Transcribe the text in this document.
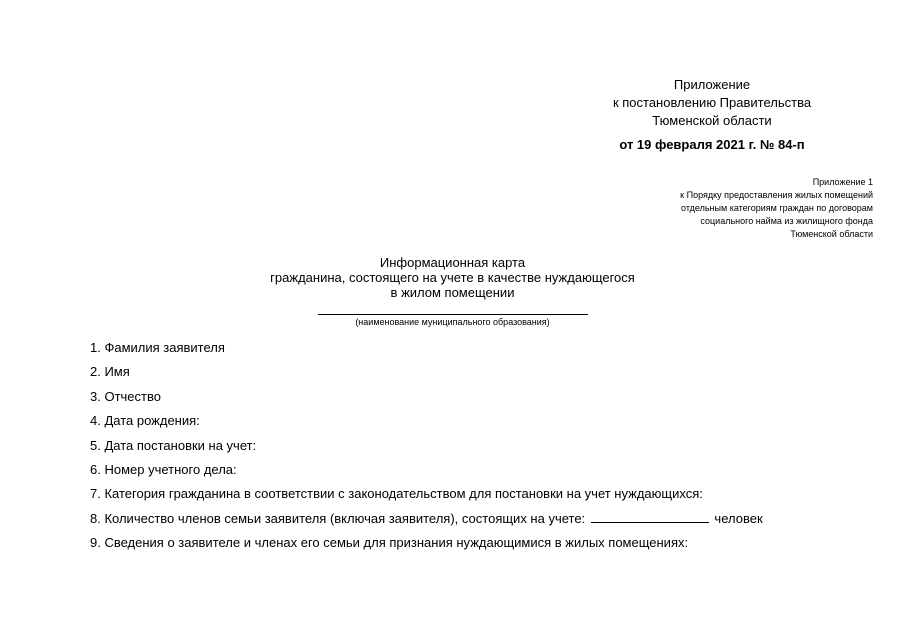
Приложение
к постановлению Правительства
Тюменской области
от 19 февраля 2021 г. № 84-п
Приложение 1
к Порядку предоставления жилых помещений
отдельным категориям граждан по договорам
социального найма из жилищного фонда
Тюменской области
Информационная карта
гражданина, состоящего на учете в качестве нуждающегося
в жилом помещении
(наименование муниципального образования)
1. Фамилия заявителя
2. Имя
3. Отчество
4. Дата рождения:
5. Дата постановки на учет:
6. Номер учетного дела:
7. Категория гражданина в соответствии с законодательством для постановки на учет нуждающихся:
8. Количество членов семьи заявителя (включая заявителя), состоящих на учете:	человек
9. Сведения о заявителе и членах его семьи для признания нуждающимися в жилых помещениях:
